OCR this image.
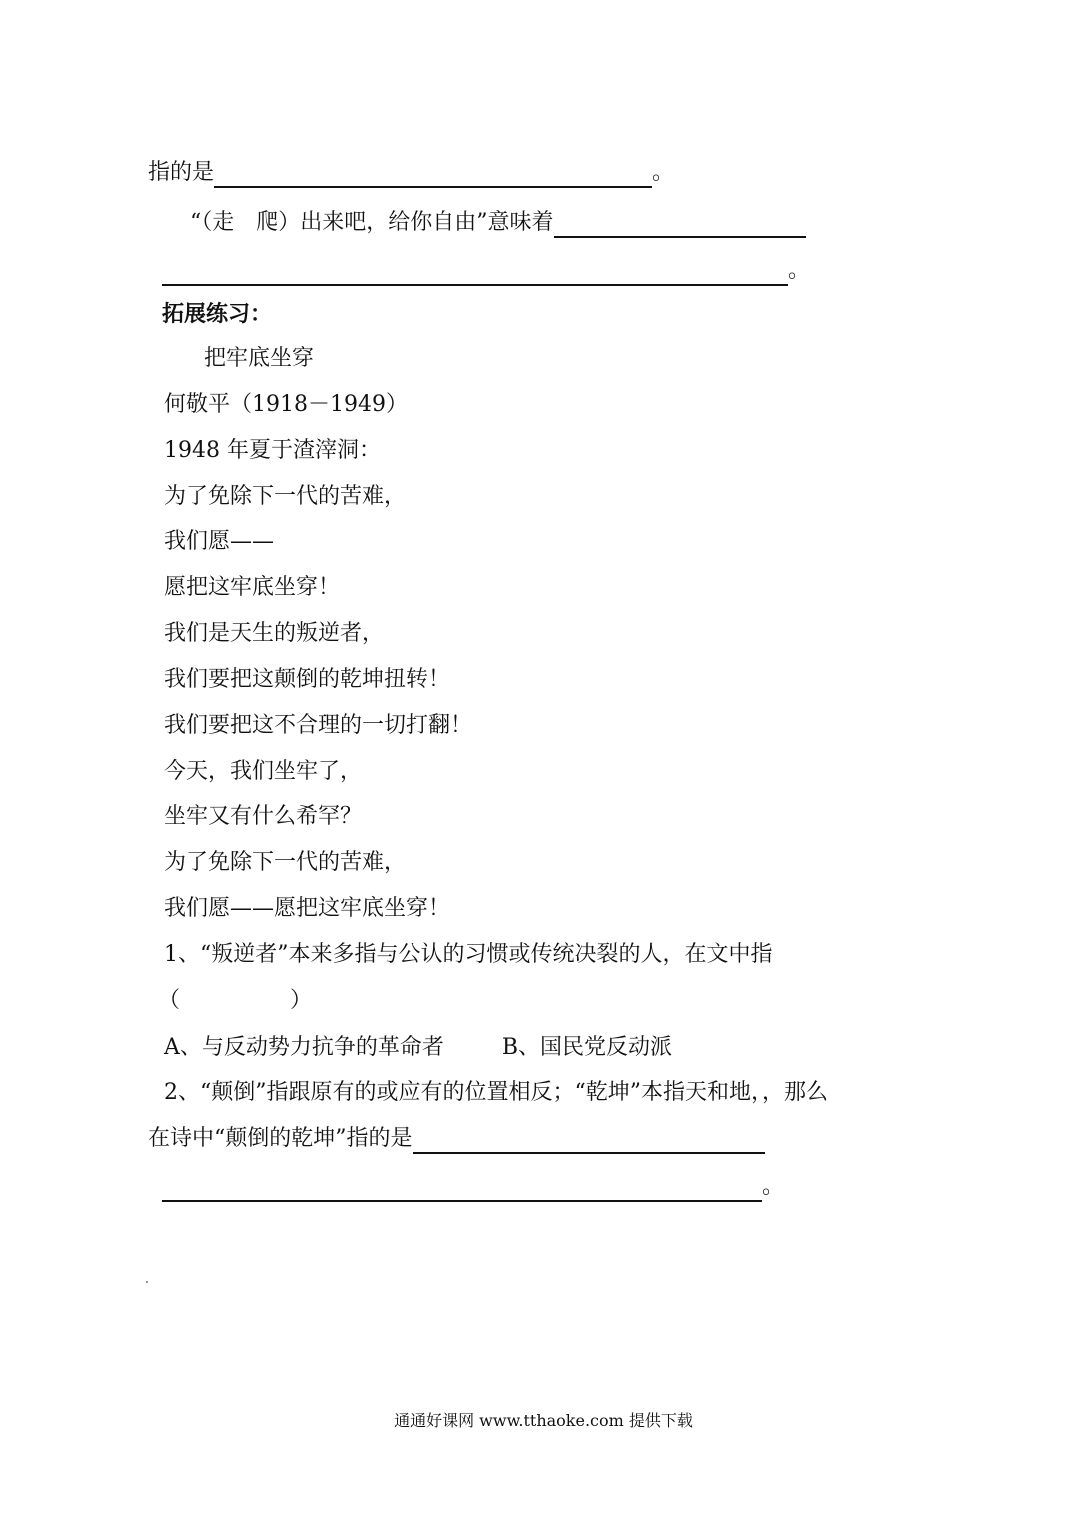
指的是	。
“（走　爬）出来吧，给你自由”意味着
。
拓展练习：
把牢底坐穿
何敬平（1918－1949）
1948 年夏于渣滓洞：
为了免除下一代的苦难，
我们愿——
愿把这牢底坐穿！
我们是天生的叛逆者，
我们要把这颠倒的乾坤扭转！
我们要把这不合理的一切打翻！
今天，我们坐牢了，
坐牢又有什么希罕？
为了免除下一代的苦难，
我们愿——愿把这牢底坐穿！
1、“叛逆者”本来多指与公认的习惯或传统决裂的人，在文中指
（　　　　　）
A、与反动势力抗争的革命者	B、国民党反动派
2、“颠倒”指跟原有的或应有的位置相反；“乾坤”本指天和地，，那么
在诗中“颠倒的乾坤”指的是
。
通通好课网 www.tthaoke.com 提供下载
